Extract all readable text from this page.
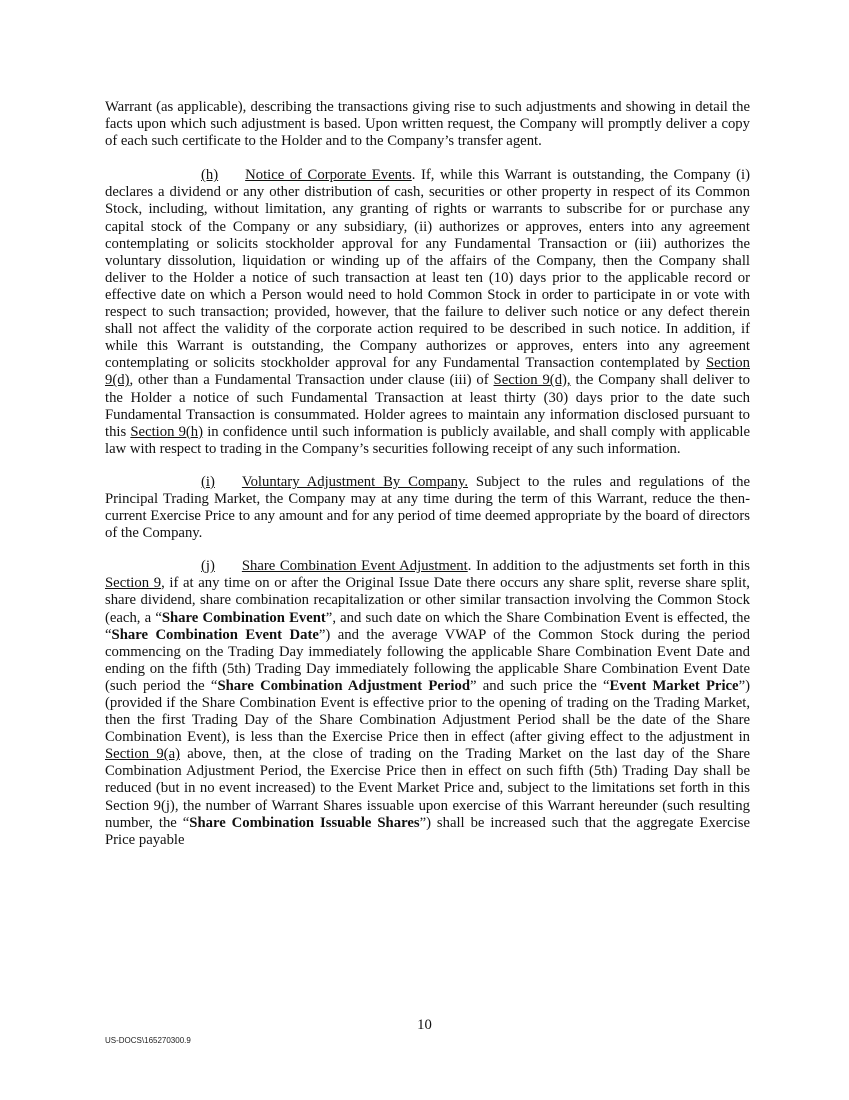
Warrant (as applicable), describing the transactions giving rise to such adjustments and showing in detail the facts upon which such adjustment is based. Upon written request, the Company will promptly deliver a copy of each such certificate to the Holder and to the Company’s transfer agent.

(h) Notice of Corporate Events. If, while this Warrant is outstanding, the Company (i) declares a dividend or any other distribution of cash, securities or other property in respect of its Common Stock, including, without limitation, any granting of rights or warrants to subscribe for or purchase any capital stock of the Company or any subsidiary, (ii) authorizes or approves, enters into any agreement contemplating or solicits stockholder approval for any Fundamental Transaction or (iii) authorizes the voluntary dissolution, liquidation or winding up of the affairs of the Company, then the Company shall deliver to the Holder a notice of such transaction at least ten (10) days prior to the applicable record or effective date on which a Person would need to hold Common Stock in order to participate in or vote with respect to such transaction; provided, however, that the failure to deliver such notice or any defect therein shall not affect the validity of the corporate action required to be described in such notice. In addition, if while this Warrant is outstanding, the Company authorizes or approves, enters into any agreement contemplating or solicits stockholder approval for any Fundamental Transaction contemplated by Section 9(d), other than a Fundamental Transaction under clause (iii) of Section 9(d), the Company shall deliver to the Holder a notice of such Fundamental Transaction at least thirty (30) days prior to the date such Fundamental Transaction is consummated. Holder agrees to maintain any information disclosed pursuant to this Section 9(h) in confidence until such information is publicly available, and shall comply with applicable law with respect to trading in the Company’s securities following receipt of any such information.

(i) Voluntary Adjustment By Company. Subject to the rules and regulations of the Principal Trading Market, the Company may at any time during the term of this Warrant, reduce the then-current Exercise Price to any amount and for any period of time deemed appropriate by the board of directors of the Company.

(j) Share Combination Event Adjustment. In addition to the adjustments set forth in this Section 9, if at any time on or after the Original Issue Date there occurs any share split, reverse share split, share dividend, share combination recapitalization or other similar transaction involving the Common Stock (each, a “Share Combination Event”, and such date on which the Share Combination Event is effected, the “Share Combination Event Date”) and the average VWAP of the Common Stock during the period commencing on the Trading Day immediately following the applicable Share Combination Event Date and ending on the fifth (5th) Trading Day immediately following the applicable Share Combination Event Date (such period the “Share Combination Adjustment Period” and such price the “Event Market Price”) (provided if the Share Combination Event is effective prior to the opening of trading on the Trading Market, then the first Trading Day of the Share Combination Adjustment Period shall be the date of the Share Combination Event), is less than the Exercise Price then in effect (after giving effect to the adjustment in Section 9(a) above, then, at the close of trading on the Trading Market on the last day of the Share Combination Adjustment Period, the Exercise Price then in effect on such fifth (5th) Trading Day shall be reduced (but in no event increased) to the Event Market Price and, subject to the limitations set forth in this Section 9(j), the number of Warrant Shares issuable upon exercise of this Warrant hereunder (such resulting number, the “Share Combination Issuable Shares”) shall be increased such that the aggregate Exercise Price payable

10
US-DOCS\165270300.9
